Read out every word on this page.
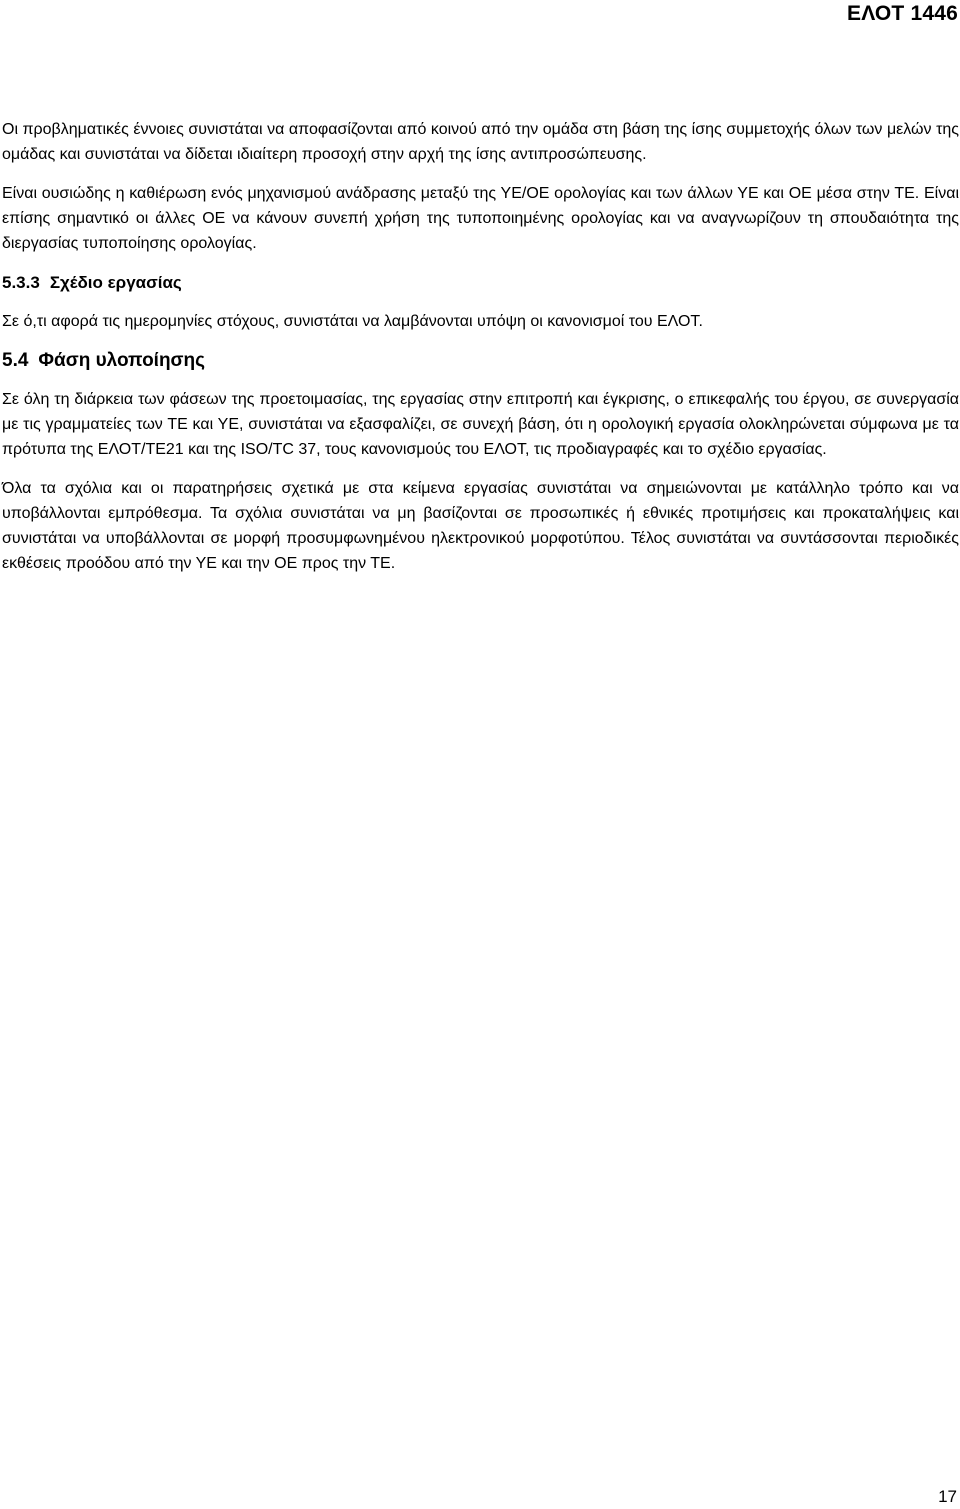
ΕΛΟΤ 1446

Οι προβληματικές έννοιες συνιστάται να αποφασίζονται από κοινού από την ομάδα στη βάση της ίσης συμμετοχής όλων των μελών της ομάδας και συνιστάται να δίδεται ιδιαίτερη προσοχή στην αρχή της ίσης αντιπροσώπευσης.

Είναι ουσιώδης η καθιέρωση ενός μηχανισμού ανάδρασης μεταξύ της ΥΕ/ΟΕ ορολογίας και των άλλων ΥΕ και ΟΕ μέσα στην ΤΕ. Είναι επίσης σημαντικό οι άλλες ΟΕ να κάνουν συνεπή χρήση της τυποποιημένης ορολογίας και να αναγνωρίζουν τη σπουδαιότητα της διεργασίας τυποποίησης ορολογίας.

5.3.3 Σχέδιο εργασίας

Σε ό,τι αφορά τις ημερομηνίες στόχους, συνιστάται να λαμβάνονται υπόψη οι κανονισμοί του ΕΛΟΤ.

5.4 Φάση υλοποίησης

Σε όλη τη διάρκεια των φάσεων της προετοιμασίας, της εργασίας στην επιτροπή και έγκρισης, ο επικεφαλής του έργου, σε συνεργασία με τις γραμματείες των ΤΕ και ΥΕ, συνιστάται να εξασφαλίζει, σε συνεχή βάση, ότι η ορολογική εργασία ολοκληρώνεται σύμφωνα με τα πρότυπα της ΕΛΟΤ/ΤΕ21 και της ISO/TC 37, τους κανονισμούς του ΕΛΟΤ, τις προδιαγραφές και το σχέδιο εργασίας.

Όλα τα σχόλια και οι παρατηρήσεις σχετικά με στα κείμενα εργασίας συνιστάται να σημειώνονται με κατάλληλο τρόπο και να υποβάλλονται εμπρόθεσμα. Τα σχόλια συνιστάται να μη βασίζονται σε προσωπικές ή εθνικές προτιμήσεις και προκαταλήψεις και συνιστάται να υποβάλλονται σε μορφή προσυμφωνημένου ηλεκτρονικού μορφοτύπου. Τέλος συνιστάται να συντάσσονται περιοδικές εκθέσεις προόδου από την ΥΕ και την ΟΕ προς την ΤΕ.

17
